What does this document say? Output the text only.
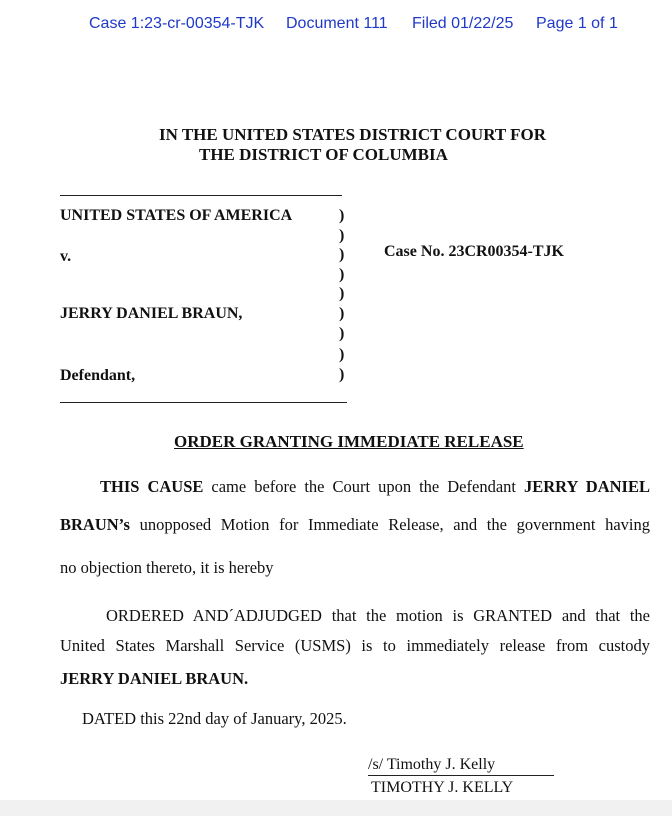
Case 1:23-cr-00354-TJK Document 111 Filed 01/22/25 Page 1 of 1
IN THE UNITED STATES DISTRICT COURT FOR
THE DISTRICT OF COLUMBIA
UNITED STATES OF AMERICA
v.
JERRY DANIEL BRAUN,
Defendant,
)
)
)
)
)
)
)
)
)
Case No. 23CR00354-TJK
ORDER GRANTING IMMEDIATE RELEASE
THIS CAUSE came before the Court upon the Defendant JERRY DANIEL
BRAUN’s unopposed Motion for Immediate Release, and the government having
no objection thereto, it is hereby
ORDERED AND´ADJUDGED that the motion is GRANTED and that the
United States Marshall Service (USMS) is to immediately release from custody
JERRY DANIEL BRAUN.
DATED this 22nd day of January, 2025.
/s/ Timothy J. Kelly
TIMOTHY J. KELLY
